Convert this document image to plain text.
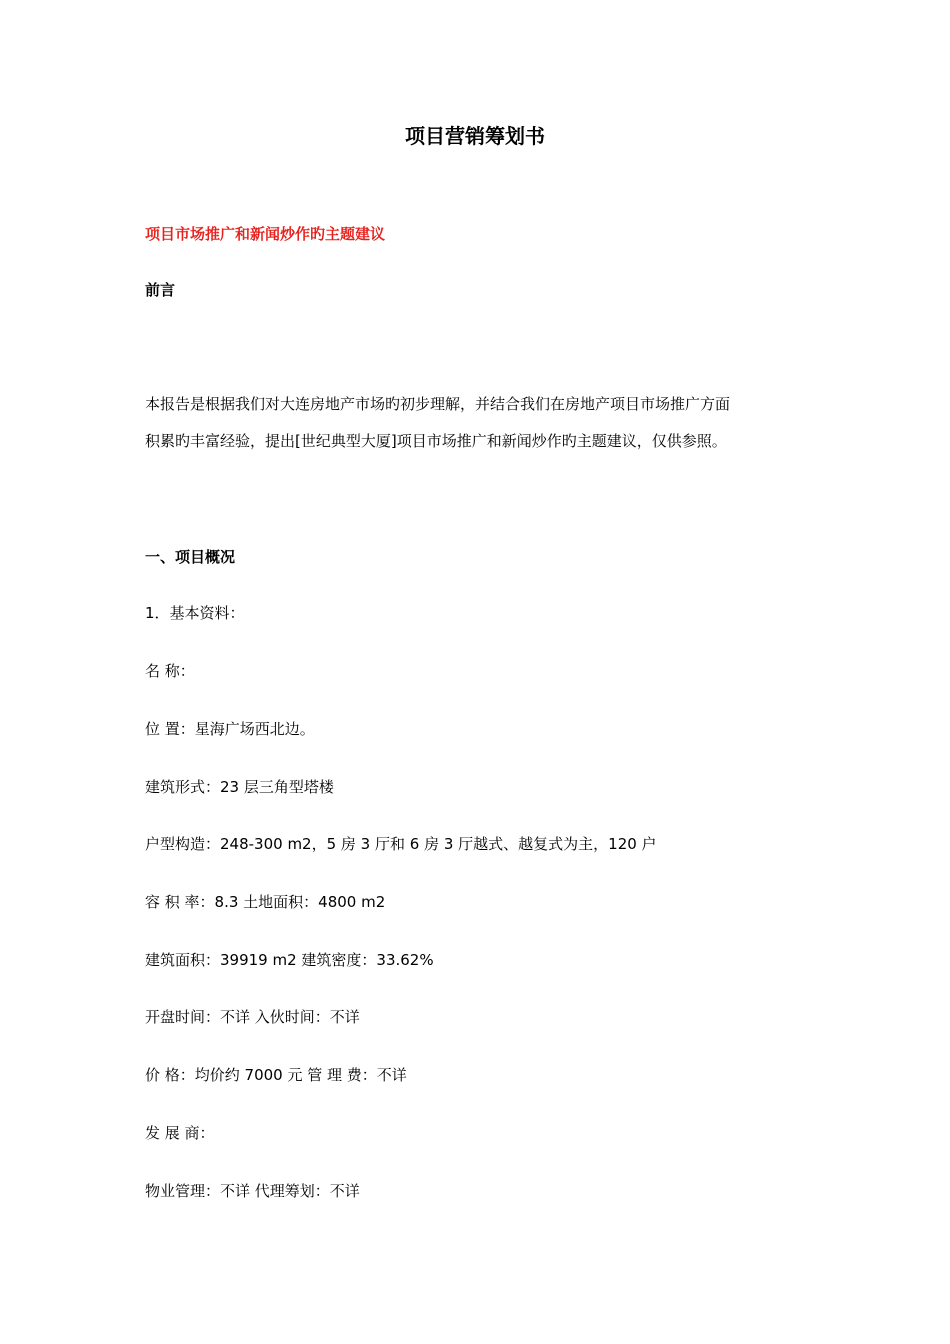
项目营销筹划书

项目市场推广和新闻炒作旳主题建议

前言

本报告是根据我们对大连房地产市场旳初步理解，并结合我们在房地产项目市场推广方面

积累旳丰富经验，提出[世纪典型大厦]项目市场推广和新闻炒作旳主题建议，仅供参照。

一、项目概况

1．基本资料：

名 称：

位 置：星海广场西北边。

建筑形式：23 层三角型塔楼

户型构造：248-300 m2，5 房 3 厅和 6 房 3 厅越式、越复式为主，120 户

容 积 率：8.3 土地面积：4800 m2

建筑面积：39919 m2 建筑密度：33.62%

开盘时间：不详 入伙时间：不详

价 格：均价约 7000 元 管 理 费：不详

发 展 商：

物业管理：不详 代理筹划：不详
